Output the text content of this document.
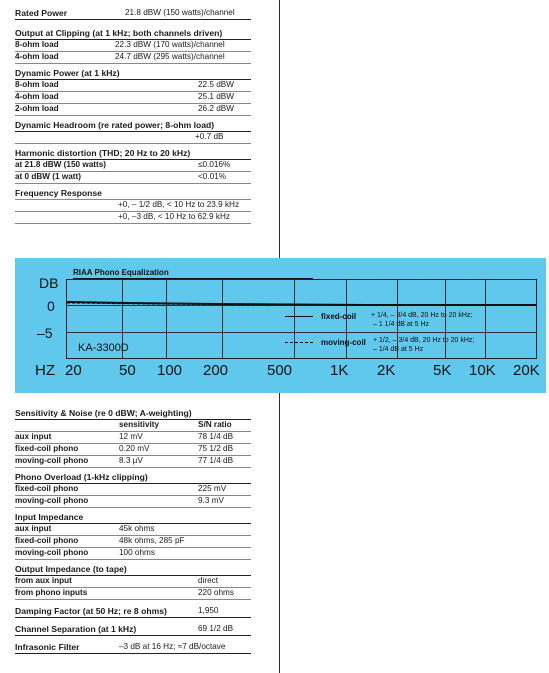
Rated Power	21.8 dBW (150 watts)/channel
Output at Clipping (at 1 kHz; both channels driven)
8-ohm load	22.3 dBW (170 watts)/channel
4-ohm load	24.7 dBW (295 watts)/channel
Dynamic Power (at 1 kHz)
8-ohm load	22.5 dBW
4-ohm load	25.1 dBW
2-ohm load	26.2 dBW
Dynamic Headroom (re rated power; 8-ohm load)
+0.7 dB
Harmonic distortion (THD; 20 Hz to 20 kHz)
at 21.8 dBW (150 watts)	≤0.016%
at 0 dBW (1 watt)	<0.01%
Frequency Response
+0, – 1/2 dB, < 10 Hz to 23.9 kHz
+0, –3 dB, < 10 Hz to 62.9 kHz
RIAA Phono Equalization
DB
0
–5
KA-3300D
fixed-coil + 1/4, – 3/4 dB, 20 Hz to 20 kHz;
– 1 1/4 dB at 5 Hz
moving-coil + 1/2, – 3/4 dB, 20 Hz to 20 kHz;
– 1/4 dB at 5 Hz
HZ 20 50 100 200	500	1K 2K	5K 10K 20K
Sensitivity & Noise (re 0 dBW; A-weighting)
sensitivity	S/N ratio
aux input	12 mV	78 1/4 dB
fixed-coil phono	0.20 mV	75 1/2 dB
moving-coil phono	8.3 µV	77 1/4 dB
Phono Overload (1-kHz clipping)
fixed-coil phono	225 mV
moving-coil phono	9.3 mV
Input Impedance
aux input	45k ohms
fixed-coil phono	48k ohms, 285 pF
moving-coil phono	100 ohms
Output Impedance (to tape)
from aux input	direct
from phono inputs	220 ohms
Damping Factor (at 50 Hz; re 8 ohms)	1,950
Channel Separation (at 1 kHz)	69 1/2 dB
Infrasonic Filter	–3 dB at 16 Hz; ≈7 dB/octave
